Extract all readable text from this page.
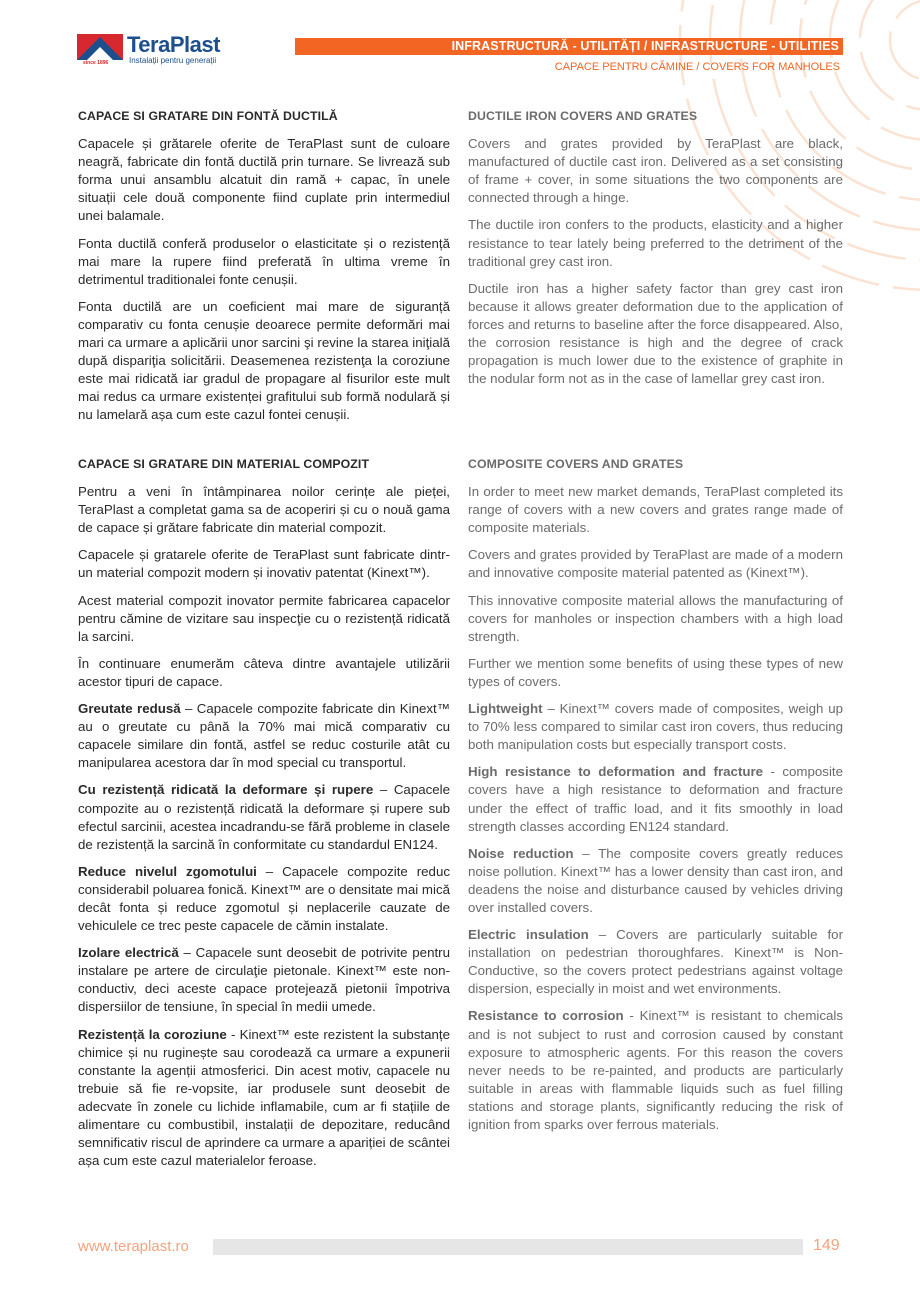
since 1896
TeraPlast
Instalații pentru generații
INFRASTRUCTURĂ - UTILITĂȚI / INFRASTRUCTURE - UTILITIES
CAPACE PENTRU CĂMINE / COVERS FOR MANHOLES
CAPACE SI GRATARE DIN FONTĂ DUCTILĂ

Capacele și grătarele oferite de TeraPlast sunt de culoare neagră, fabricate din fontă ductilă prin turnare. Se livrează sub forma unui ansamblu alcatuit din ramă + capac, în unele situații cele două componente fiind cuplate prin intermediul unei balamale.

Fonta ductilă conferă produselor o elasticitate și o rezistență mai mare la rupere fiind preferată în ultima vreme în detrimentul traditionalei fonte cenușii.

Fonta ductilă are un coeficient mai mare de siguranță comparativ cu fonta cenușie deoarece permite deformări mai mari ca urmare a aplicării unor sarcini şi revine la starea iniţială după dispariţia solicitării. Deasemenea rezistenţa la coroziune este mai ridicată iar gradul de propagare al fisurilor este mult mai redus ca urmare existenței grafitului sub formă nodulară și nu lamelară așa cum este cazul fontei cenușii.

DUCTILE IRON COVERS AND GRATES

Covers and grates provided by TeraPlast are black, manufactured of ductile cast iron. Delivered as a set consisting of frame + cover, in some situations the two components are connected through a hinge.

The ductile iron confers to the products, elasticity and a higher resistance to tear lately being preferred to the detriment of the traditional grey cast iron.

Ductile iron has a higher safety factor than grey cast iron because it allows greater deformation due to the application of forces and returns to baseline after the force disappeared. Also, the corrosion resistance is high and the degree of crack propagation is much lower due to the existence of graphite in the nodular form not as in the case of lamellar grey cast iron.

CAPACE SI GRATARE DIN MATERIAL COMPOZIT

Pentru a veni în întâmpinarea noilor cerințe ale pieței, TeraPlast a completat gama sa de acoperiri și cu o nouă gama de capace și grătare fabricate din material compozit.

Capacele și gratarele oferite de TeraPlast sunt fabricate dintr-un material compozit modern și inovativ patentat (Kinext™).

Acest material compozit inovator permite fabricarea capacelor pentru cămine de vizitare sau inspecţie cu o rezistență ridicată la sarcini.

În continuare enumerăm câteva dintre avantajele utilizării acestor tipuri de capace.

Greutate redusă – Capacele compozite fabricate din Kinext™ au o greutate cu până la 70% mai mică comparativ cu capacele similare din fontă, astfel se reduc costurile atât cu manipularea acestora dar în mod special cu transportul.

Cu rezistență ridicată la deformare și rupere – Capacele compozite au o rezistență ridicată la deformare și rupere sub efectul sarcinii, acestea incadrandu-se fără probleme in clasele de rezistență la sarcină în conformitate cu standardul EN124.

Reduce nivelul zgomotului – Capacele compozite reduc considerabil poluarea fonică. Kinext™ are o densitate mai mică decât fonta și reduce zgomotul și neplacerile cauzate de vehiculele ce trec peste capacele de cămin instalate.

Izolare electrică – Capacele sunt deosebit de potrivite pentru instalare pe artere de circulaţie pietonale. Kinext™ este non-conductiv, deci aceste capace protejează pietonii împotriva dispersiilor de tensiune, în special în medii umede.

Rezistență la coroziune - Kinext™ este rezistent la substanțe chimice și nu ruginește sau corodează ca urmare a expunerii constante la agenții atmosferici. Din acest motiv, capacele nu trebuie să fie re-vopsite, iar produsele sunt deosebit de adecvate în zonele cu lichide inflamabile, cum ar fi stațiile de alimentare cu combustibil, instalații de depozitare, reducând semnificativ riscul de aprindere ca urmare a apariției de scântei așa cum este cazul materialelor feroase.

COMPOSITE COVERS AND GRATES

In order to meet new market demands, TeraPlast completed its range of covers with a new covers and grates range made of composite materials.

Covers and grates provided by TeraPlast are made of a modern and innovative composite material patented as (Kinext™).

This innovative composite material allows the manufacturing of covers for manholes or inspection chambers with a high load strength.

Further we mention some benefits of using these types of new types of covers.

Lightweight – Kinext™ covers made of composites, weigh up to 70% less compared to similar cast iron covers, thus reducing both manipulation costs but especially transport costs.

High resistance to deformation and fracture - composite covers have a high resistance to deformation and fracture under the effect of traffic load, and it fits smoothly in load strength classes according EN124 standard.

Noise reduction – The composite covers greatly reduces noise pollution. Kinext™ has a lower density than cast iron, and deadens the noise and disturbance caused by vehicles driving over installed covers.

Electric insulation – Covers are particularly suitable for installation on pedestrian thoroughfares. Kinext™ is Non-Conductive, so the covers protect pedestrians against voltage dispersion, especially in moist and wet environments.

Resistance to corrosion - Kinext™ is resistant to chemicals and is not subject to rust and corrosion caused by constant exposure to atmospheric agents. For this reason the covers never needs to be re-painted, and products are particularly suitable in areas with flammable liquids such as fuel filling stations and storage plants, significantly reducing the risk of ignition from sparks over ferrous materials.

www.teraplast.ro	149
